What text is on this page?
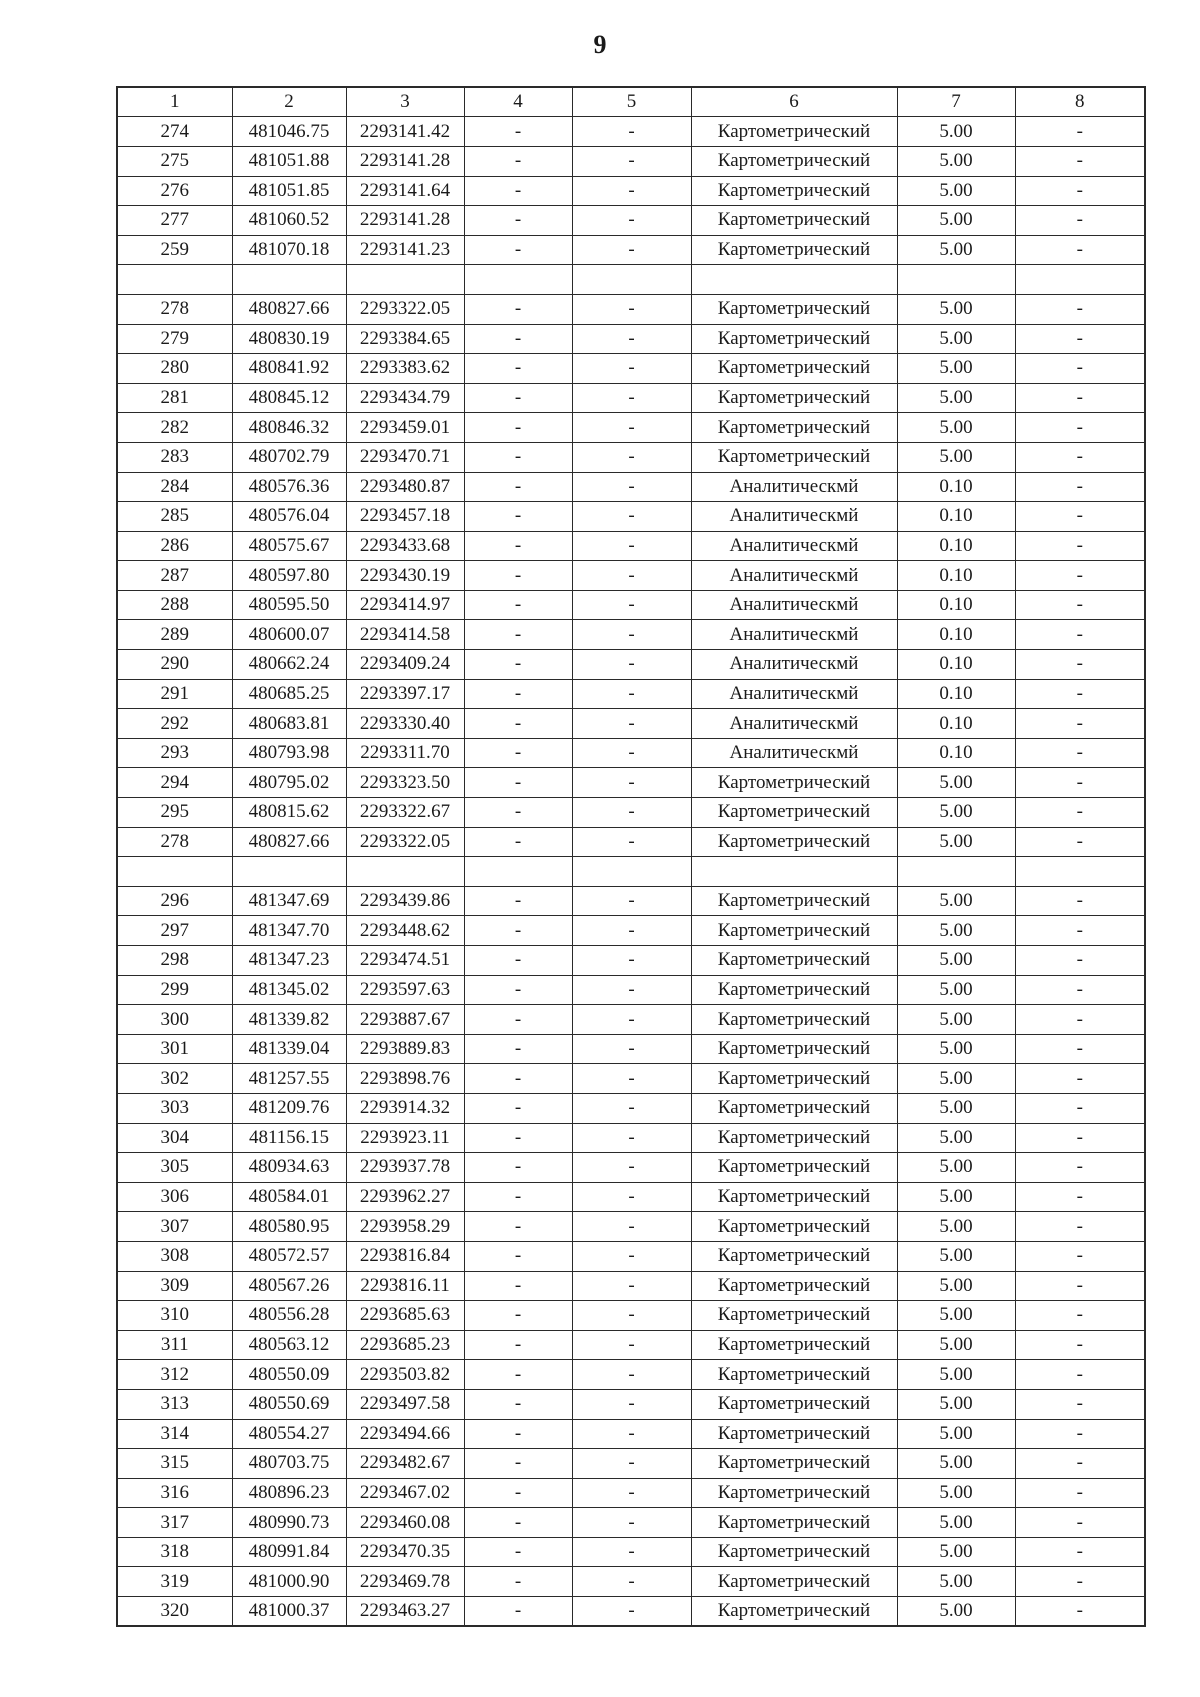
9
1	2	3	4	5	6	7	8
274	481046.75	2293141.42	-	-	Картометрический	5.00	-
275	481051.88	2293141.28	-	-	Картометрический	5.00	-
276	481051.85	2293141.64	-	-	Картометрический	5.00	-
277	481060.52	2293141.28	-	-	Картометрический	5.00	-
259	481070.18	2293141.23	-	-	Картометрический	5.00	-

278	480827.66	2293322.05	-	-	Картометрический	5.00	-
279	480830.19	2293384.65	-	-	Картометрический	5.00	-
280	480841.92	2293383.62	-	-	Картометрический	5.00	-
281	480845.12	2293434.79	-	-	Картометрический	5.00	-
282	480846.32	2293459.01	-	-	Картометрический	5.00	-
283	480702.79	2293470.71	-	-	Картометрический	5.00	-
284	480576.36	2293480.87	-	-	Аналитическмй	0.10	-
285	480576.04	2293457.18	-	-	Аналитическмй	0.10	-
286	480575.67	2293433.68	-	-	Аналитическмй	0.10	-
287	480597.80	2293430.19	-	-	Аналитическмй	0.10	-
288	480595.50	2293414.97	-	-	Аналитическмй	0.10	-
289	480600.07	2293414.58	-	-	Аналитическмй	0.10	-
290	480662.24	2293409.24	-	-	Аналитическмй	0.10	-
291	480685.25	2293397.17	-	-	Аналитическмй	0.10	-
292	480683.81	2293330.40	-	-	Аналитическмй	0.10	-
293	480793.98	2293311.70	-	-	Аналитическмй	0.10	-
294	480795.02	2293323.50	-	-	Картометрический	5.00	-
295	480815.62	2293322.67	-	-	Картометрический	5.00	-
278	480827.66	2293322.05	-	-	Картометрический	5.00	-

296	481347.69	2293439.86	-	-	Картометрический	5.00	-
297	481347.70	2293448.62	-	-	Картометрический	5.00	-
298	481347.23	2293474.51	-	-	Картометрический	5.00	-
299	481345.02	2293597.63	-	-	Картометрический	5.00	-
300	481339.82	2293887.67	-	-	Картометрический	5.00	-
301	481339.04	2293889.83	-	-	Картометрический	5.00	-
302	481257.55	2293898.76	-	-	Картометрический	5.00	-
303	481209.76	2293914.32	-	-	Картометрический	5.00	-
304	481156.15	2293923.11	-	-	Картометрический	5.00	-
305	480934.63	2293937.78	-	-	Картометрический	5.00	-
306	480584.01	2293962.27	-	-	Картометрический	5.00	-
307	480580.95	2293958.29	-	-	Картометрический	5.00	-
308	480572.57	2293816.84	-	-	Картометрический	5.00	-
309	480567.26	2293816.11	-	-	Картометрический	5.00	-
310	480556.28	2293685.63	-	-	Картометрический	5.00	-
311	480563.12	2293685.23	-	-	Картометрический	5.00	-
312	480550.09	2293503.82	-	-	Картометрический	5.00	-
313	480550.69	2293497.58	-	-	Картометрический	5.00	-
314	480554.27	2293494.66	-	-	Картометрический	5.00	-
315	480703.75	2293482.67	-	-	Картометрический	5.00	-
316	480896.23	2293467.02	-	-	Картометрический	5.00	-
317	480990.73	2293460.08	-	-	Картометрический	5.00	-
318	480991.84	2293470.35	-	-	Картометрический	5.00	-
319	481000.90	2293469.78	-	-	Картометрический	5.00	-
320	481000.37	2293463.27	-	-	Картометрический	5.00	-
